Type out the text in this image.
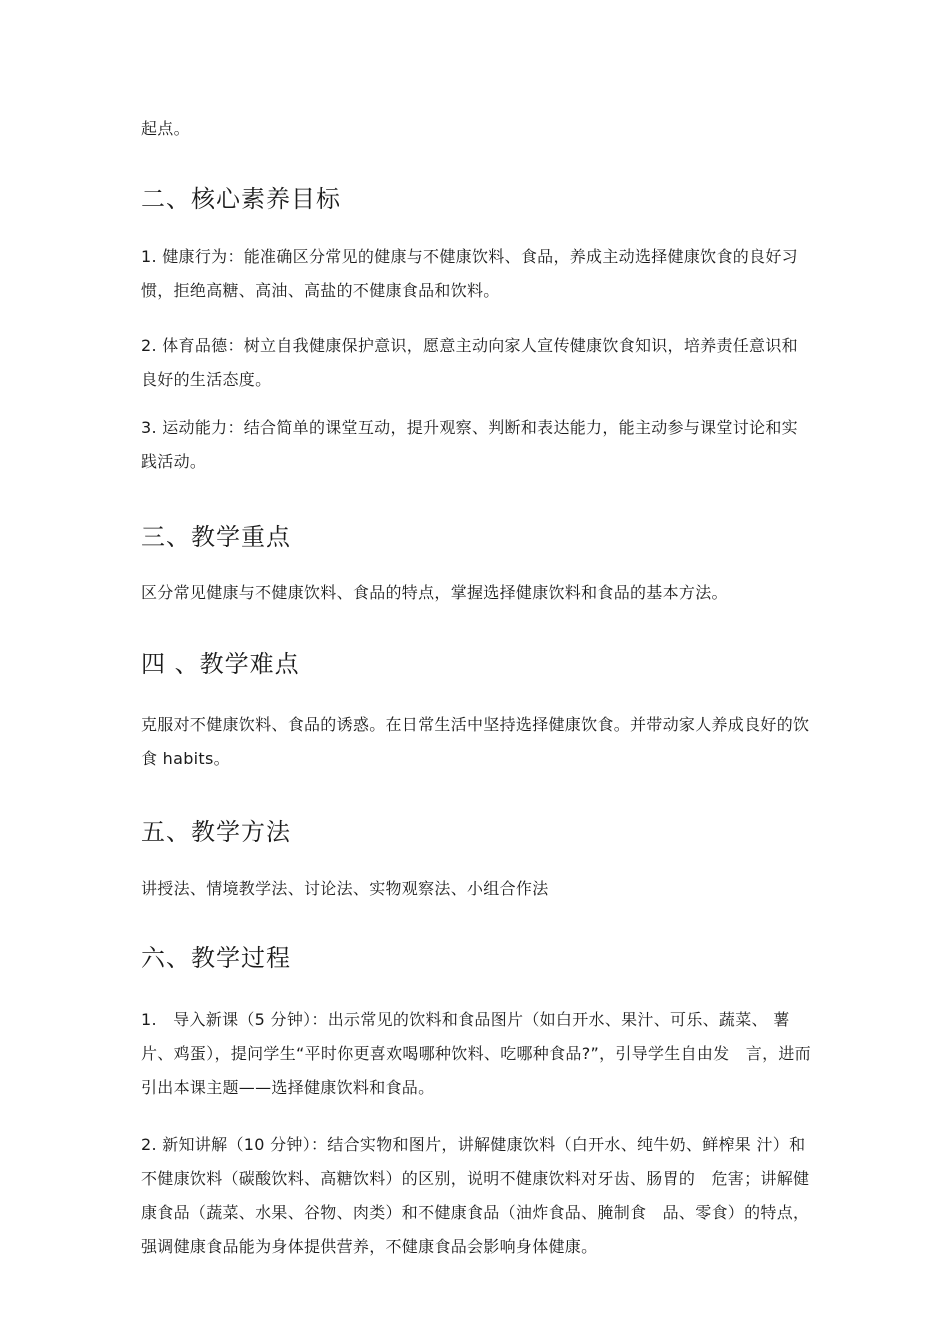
起点。

二、核心素养目标

1. 健康行为：能准确区分常见的健康与不健康饮料、食品，养成主动选择健康饮食的良好习惯，拒绝高糖、高油、高盐的不健康食品和饮料。

2. 体育品德：树立自我健康保护意识，愿意主动向家人宣传健康饮食知识，培养责任意识和良好的生活态度。

3. 运动能力：结合简单的课堂互动，提升观察、判断和表达能力，能主动参与课堂讨论和实践活动。

三、教学重点

区分常见健康与不健康饮料、食品的特点，掌握选择健康饮料和食品的基本方法。

四 、教学难点

克服对不健康饮料、食品的诱惑。在日常生活中坚持选择健康饮食。并带动家人养成良好的饮食 habits。

五、教学方法

讲授法、情境教学法、讨论法、实物观察法、小组合作法

六、教学过程

1.　导入新课（5 分钟）：出示常见的饮料和食品图片（如白开水、果汁、可乐、蔬菜、 薯片、鸡蛋），提问学生“平时你更喜欢喝哪种饮料、吃哪种食品?”，引导学生自由发　言，进而引出本课主题——选择健康饮料和食品。

2. 新知讲解（10 分钟）：结合实物和图片，讲解健康饮料（白开水、纯牛奶、鲜榨果 汁）和不健康饮料（碳酸饮料、高糖饮料）的区别，说明不健康饮料对牙齿、肠胃的　危害；讲解健康食品（蔬菜、水果、谷物、肉类）和不健康食品（油炸食品、腌制食　品、零食）的特点，强调健康食品能为身体提供营养，不健康食品会影响身体健康。
